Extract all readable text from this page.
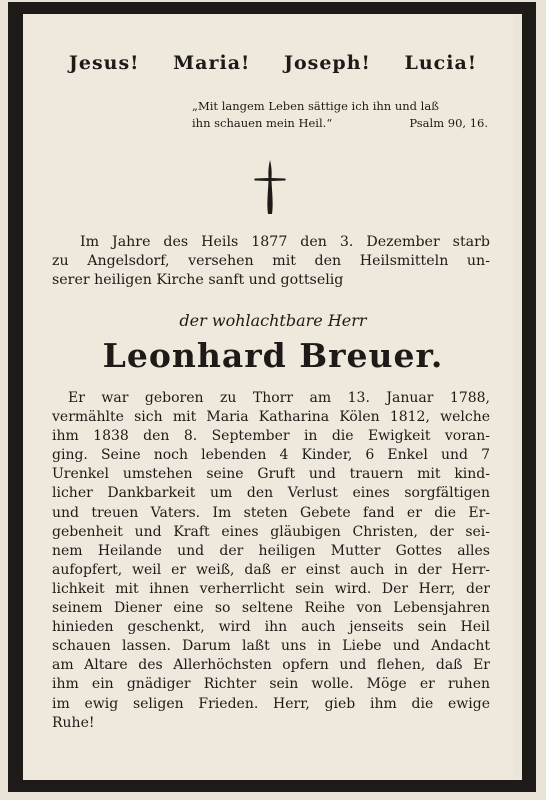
Jesus! Maria! Joseph! Lucia!
„Mit langem Leben sättige ich ihn und laß
ihn schauen mein Heil.“	Psalm 90, 16.
Im Jahre des Heils 1877 den 3. Dezember starb
zu Angelsdorf, versehen mit den Heilsmitteln un-
serer heiligen Kirche sanft und gottselig
der wohlachtbare Herr
Leonhard Breuer.
Er war geboren zu Thorr am 13. Januar 1788,
vermählte sich mit Maria Katharina Kölen 1812, welche
ihm 1838 den 8. September in die Ewigkeit voran-
ging. Seine noch lebenden 4 Kinder, 6 Enkel und 7
Urenkel umstehen seine Gruft und trauern mit kind-
licher Dankbarkeit um den Verlust eines sorgfältigen
und treuen Vaters. Im steten Gebete fand er die Er-
gebenheit und Kraft eines gläubigen Christen, der sei-
nem Heilande und der heiligen Mutter Gottes alles
aufopfert, weil er weiß, daß er einst auch in der Herr-
lichkeit mit ihnen verherrlicht sein wird. Der Herr, der
seinem Diener eine so seltene Reihe von Lebensjahren
hinieden geschenkt, wird ihn auch jenseits sein Heil
schauen lassen. Darum laßt uns in Liebe und Andacht
am Altare des Allerhöchsten opfern und flehen, daß Er
ihm ein gnädiger Richter sein wolle. Möge er ruhen
im ewig seligen Frieden. Herr, gieb ihm die ewige
Ruhe!
